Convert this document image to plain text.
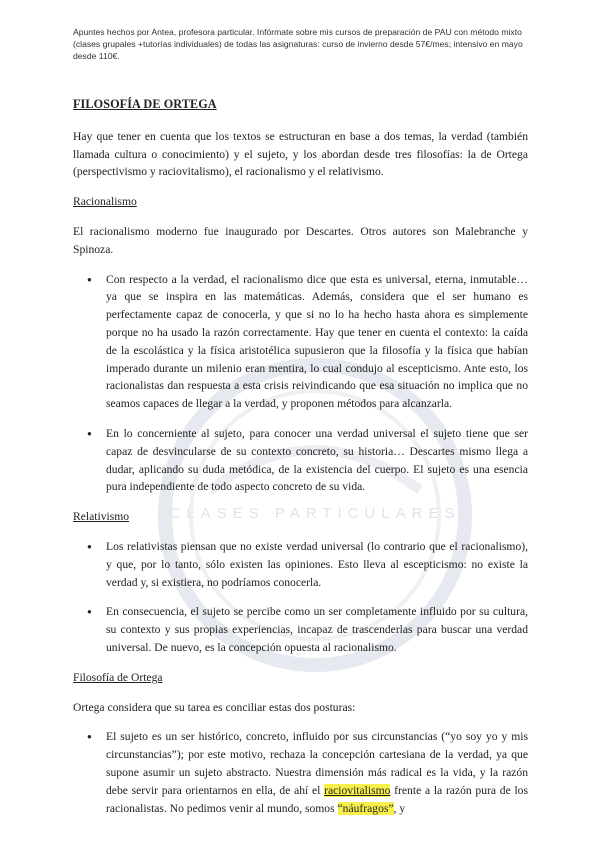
Apuntes hechos por Antea, profesora particular. Infórmate sobre mis cursos de preparación de PAU con método mixto (clases grupales +tutorías individuales) de todas las asignaturas: curso de invierno desde 57€/mes; intensivo en mayo desde 110€.
CLASES PARTICULARES
FILOSOFÍA DE ORTEGA

Hay que tener en cuenta que los textos se estructuran en base a dos temas, la verdad (también llamada cultura o conocimiento) y el sujeto, y los abordan desde tres filosofías: la de Ortega (perspectivismo y raciovitalismo), el racionalismo y el relativismo.

Racionalismo

El racionalismo moderno fue inaugurado por Descartes. Otros autores son Malebranche y Spinoza.

● Con respecto a la verdad, el racionalismo dice que esta es universal, eterna, inmutable… ya que se inspira en las matemáticas. Además, considera que el ser humano es perfectamente capaz de conocerla, y que si no lo ha hecho hasta ahora es simplemente porque no ha usado la razón correctamente. Hay que tener en cuenta el contexto: la caída de la escolástica y la física aristotélica supusieron que la filosofía y la física que habían imperado durante un milenio eran mentira, lo cual condujo al escepticismo. Ante esto, los racionalistas dan respuesta a esta crisis reivindicando que esa situación no implica que no seamos capaces de llegar a la verdad, y proponen métodos para alcanzarla.
● En lo concerniente al sujeto, para conocer una verdad universal el sujeto tiene que ser capaz de desvincularse de su contexto concreto, su historia… Descartes mismo llega a dudar, aplicando su duda metódica, de la existencia del cuerpo. El sujeto es una esencia pura independiente de todo aspecto concreto de su vida.
Relativismo
● Los relativistas piensan que no existe verdad universal (lo contrario que el racionalismo), y que, por lo tanto, sólo existen las opiniones. Esto lleva al escepticismo: no existe la verdad y, si existiera, no podríamos conocerla.
● En consecuencia, el sujeto se percibe como un ser completamente influido por su cultura, su contexto y sus propias experiencias, incapaz de trascenderlas para buscar una verdad universal. De nuevo, es la concepción opuesta al racionalismo.
Filosofía de Ortega

Ortega considera que su tarea es conciliar estas dos posturas:

● El sujeto es un ser histórico, concreto, influido por sus circunstancias (“yo soy yo y mis circunstancias”); por este motivo, rechaza la concepción cartesiana de la verdad, ya que supone asumir un sujeto abstracto. Nuestra dimensión más radical es la vida, y la razón debe servir para orientarnos en ella, de ahí el raciovitalismo frente a la razón pura de los racionalistas. No pedimos venir al mundo, somos “náufragos”, y
